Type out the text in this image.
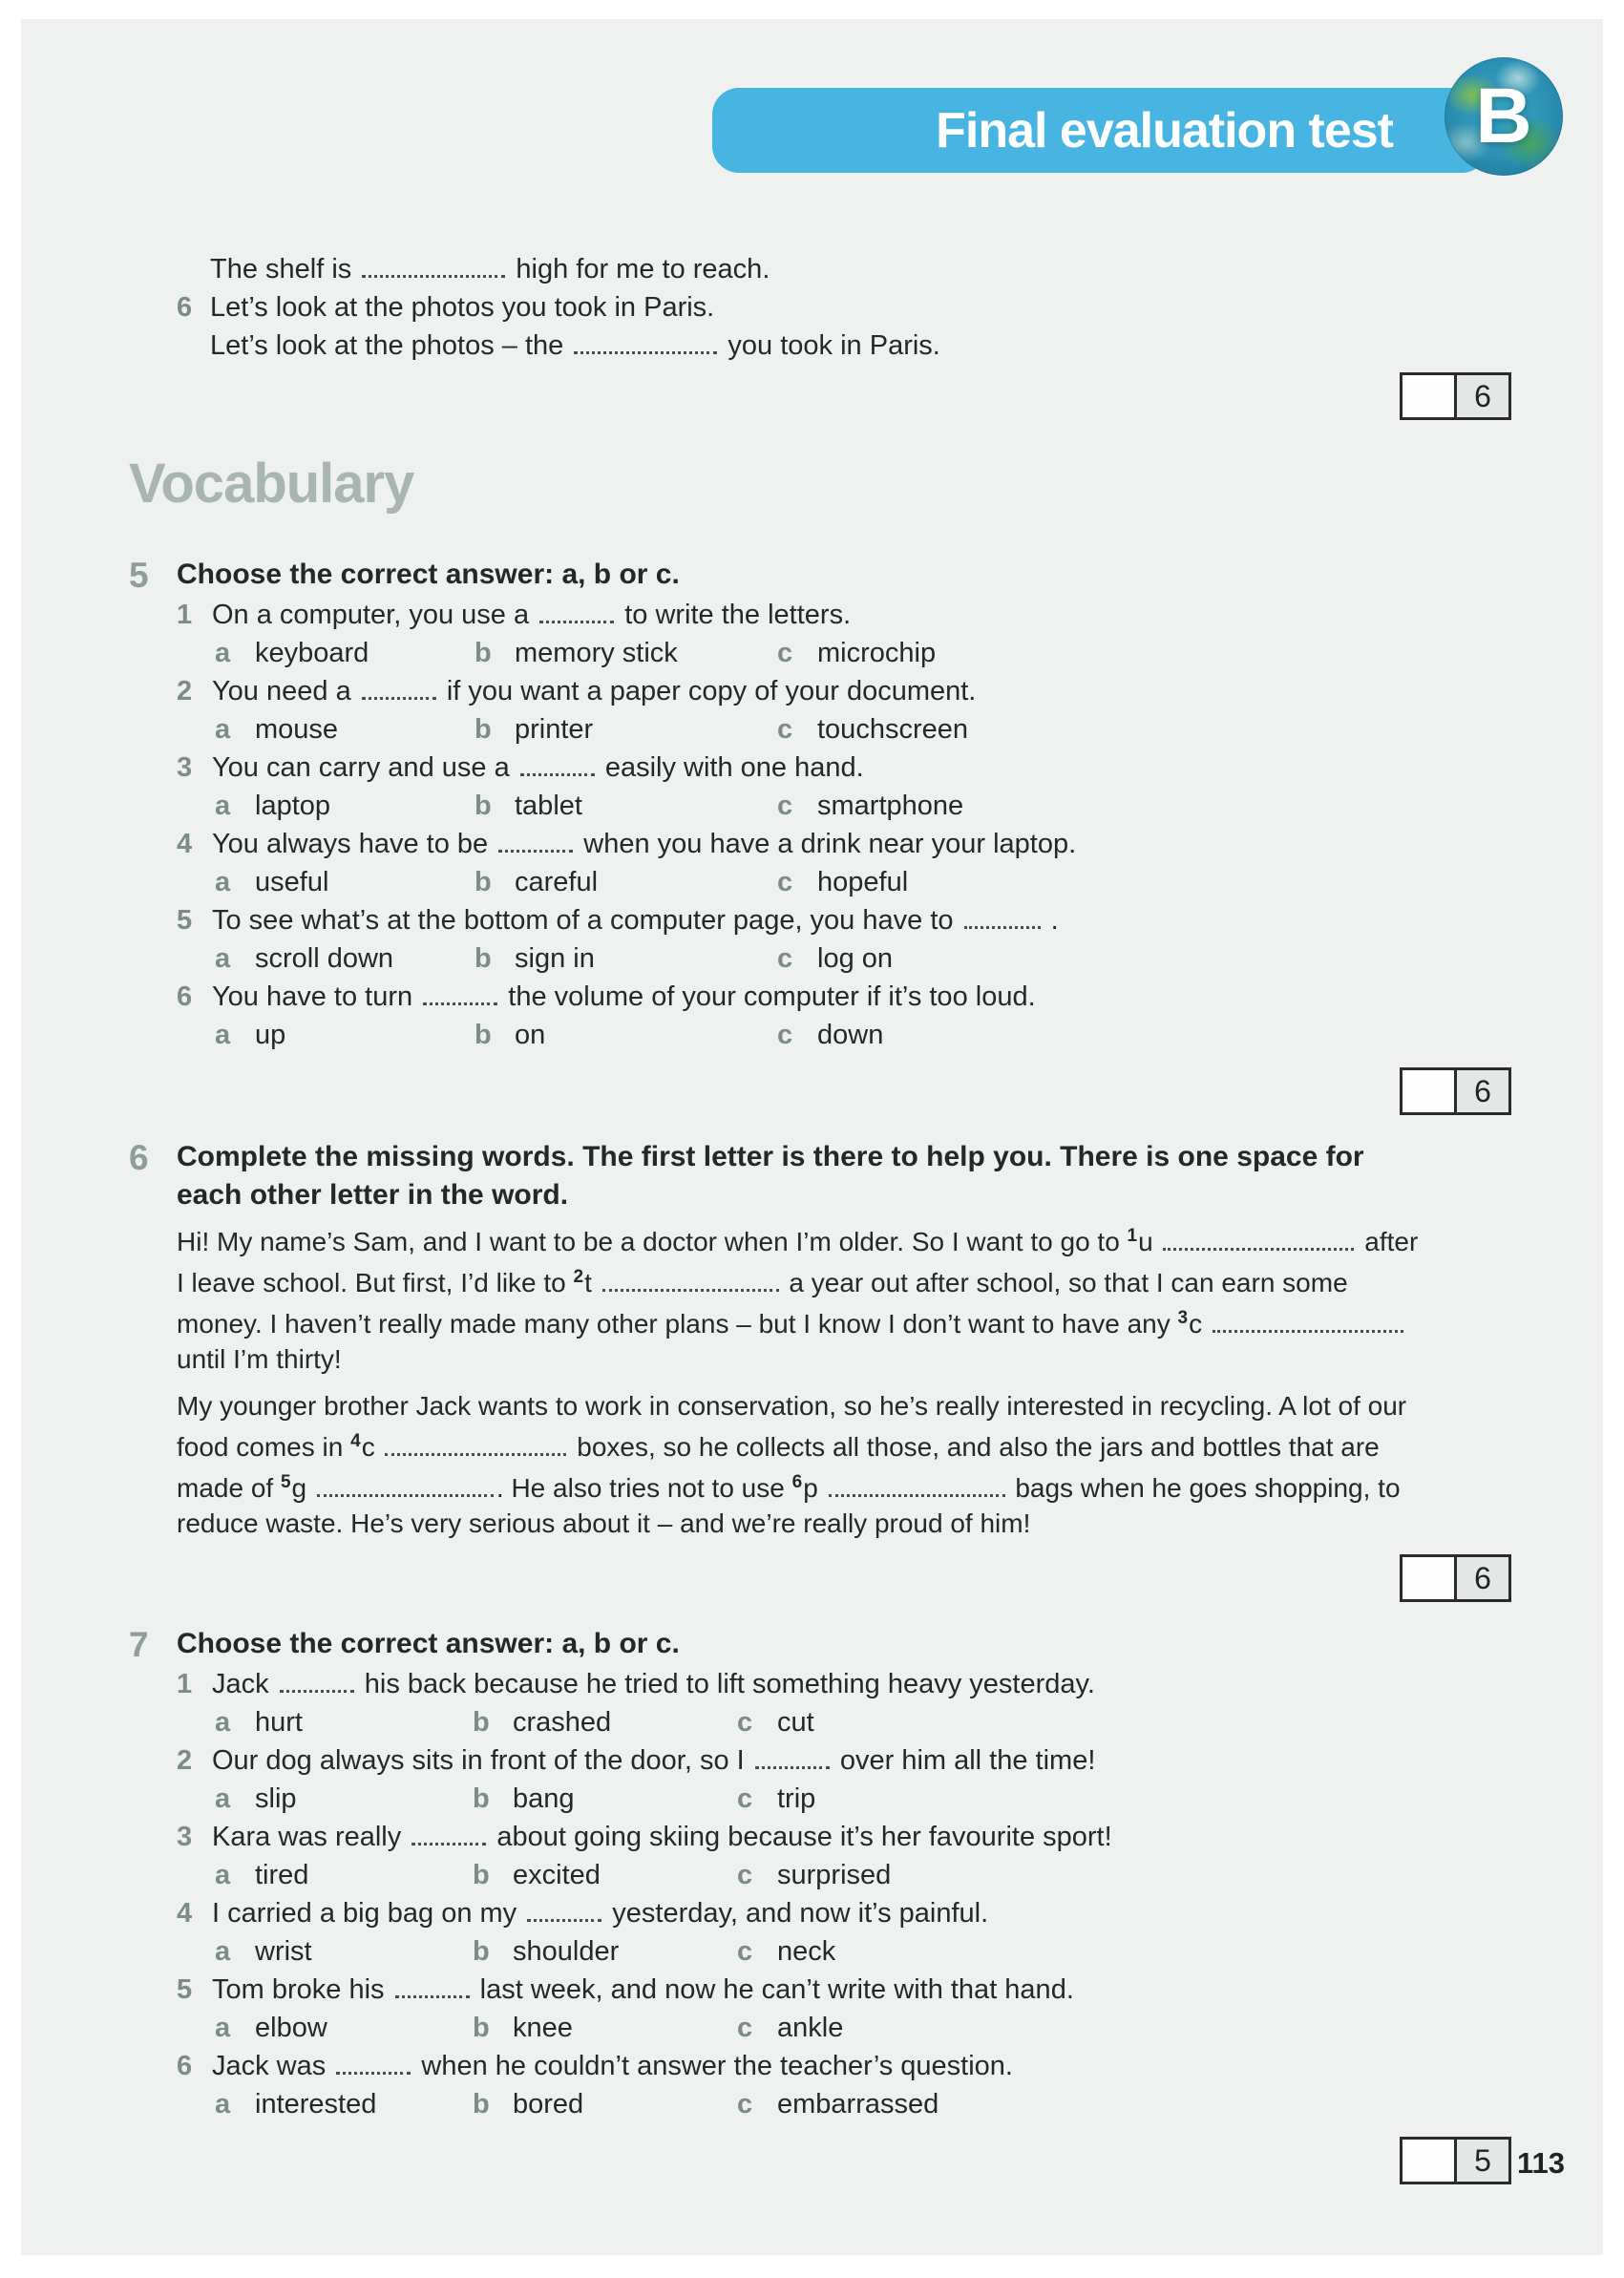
Final evaluation test B
The shelf is	high for me to reach.
6 Let’s look at the photos you took in Paris.
Let’s look at the photos – the	you took in Paris.
6
Vocabulary
5 Choose the correct answer: a, b or c.
1 On a computer, you use a	to write the letters.
a keyboard	b memory stick	c microchip
2 You need a	if you want a paper copy of your document.
a mouse	b printer	c touchscreen
3 You can carry and use a	easily with one hand.
a laptop	b tablet	c smartphone
4 You always have to be	when you have a drink near your laptop.
a useful	b careful	c hopeful
5 To see what’s at the bottom of a computer page, you have to	.
a scroll down	b sign in	c log on
6 You have to turn	the volume of your computer if it’s too loud.
a up	b on	c down
6
6 Complete the missing words. The first letter is there to help you. There is one space for each other letter in the word.

Hi! My name’s Sam, and I want to be a doctor when I’m older. So I want to go to $^1$u	after I leave school. But first, I’d like to $^2$t	a year out after school, so that I can earn some money. I haven’t really made many other plans – but I know I don’t want to have any $^3$c  until I’m thirty!

My younger brother Jack wants to work in conservation, so he’s really interested in recycling. A lot of our food comes in $^4$c	boxes, so he collects all those, and also the jars and bottles that are made of $^5$g	. He also tries not to use $^6$p	bags when he goes shopping, to reduce waste. He’s very serious about it – and we’re really proud of him!

6
7 Choose the correct answer: a, b or c.
1 Jack	his back because he tried to lift something heavy yesterday.
a hurt	b crashed	c cut
2 Our dog always sits in front of the door, so I	over him all the time!
a slip	b bang	c trip
3 Kara was really	about going skiing because it’s her favourite sport!
a tired	b excited	c surprised
4 I carried a big bag on my	yesterday, and now it’s painful.
a wrist	b shoulder	c neck
5 Tom broke his	last week, and now he can’t write with that hand.
a elbow	b knee	c ankle
6 Jack was	when he couldn’t answer the teacher’s question.
a interested	b bored	c embarrassed
5 113
